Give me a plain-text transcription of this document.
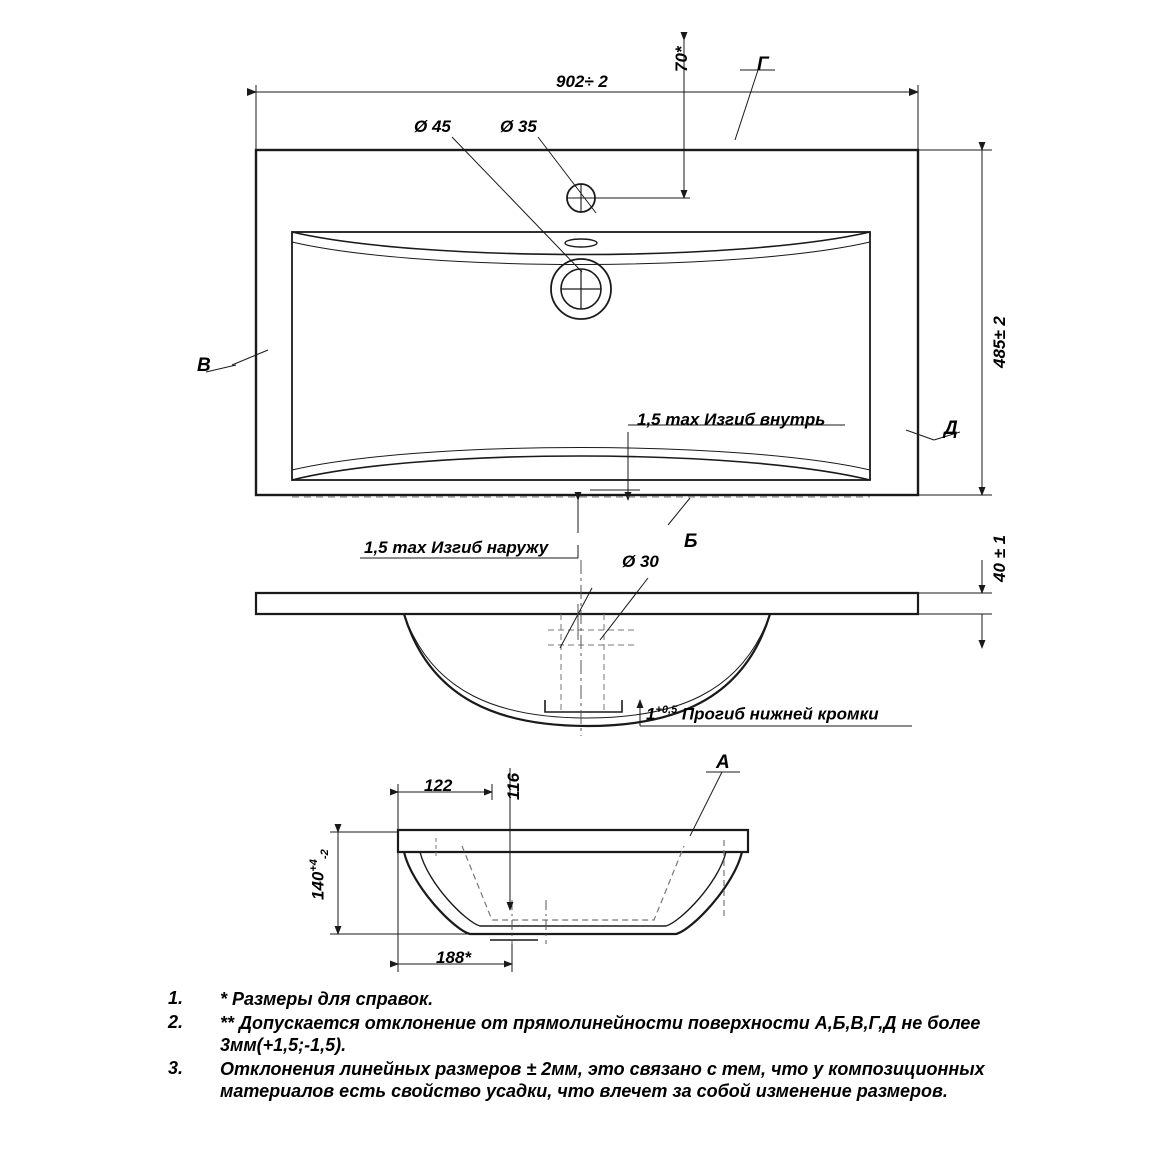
902÷ 2
70*
485± 2
Ø 45	Ø 35
Г
В
Д
Б
1,5 max Изгиб внутрь
1,5 max Изгиб наружу
Ø 30	40 ± 1
$1^{+0,5}$ Прогиб нижней кромки
А
122	116
$140^{+4}_{-2}$
188*
1.	* Размеры для справок.
2.	** Допускается отклонение от прямолинейности поверхности А,Б,В,Г,Д не более 3мм(+1,5;-1,5).
3.	Отклонения линейных размеров ± 2мм, это связано с тем, что у композиционных материалов есть свойство усадки, что влечет за собой изменение размеров.
